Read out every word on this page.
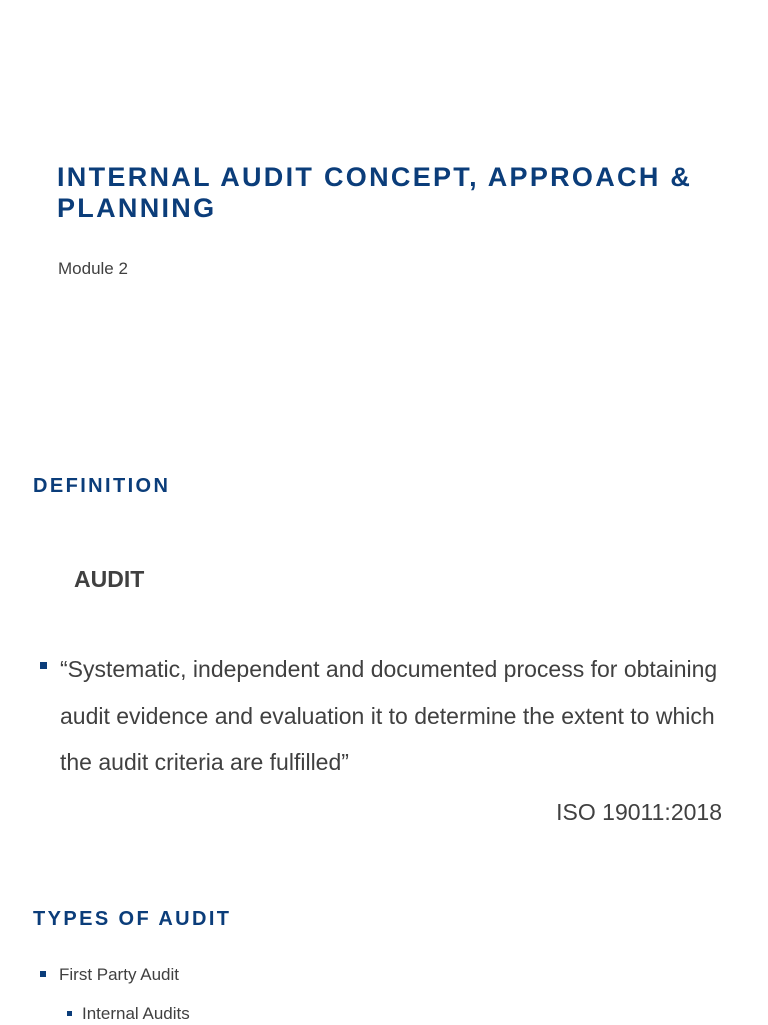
INTERNAL AUDIT CONCEPT, APPROACH & PLANNING

Module 2

DEFINITION
AUDIT
“Systematic, independent and documented process for obtaining audit evidence and evaluation it to determine the extent to which the audit criteria are fulfilled”

ISO 19011:2018

TYPES OF AUDIT
First Party Audit
Internal Audits
